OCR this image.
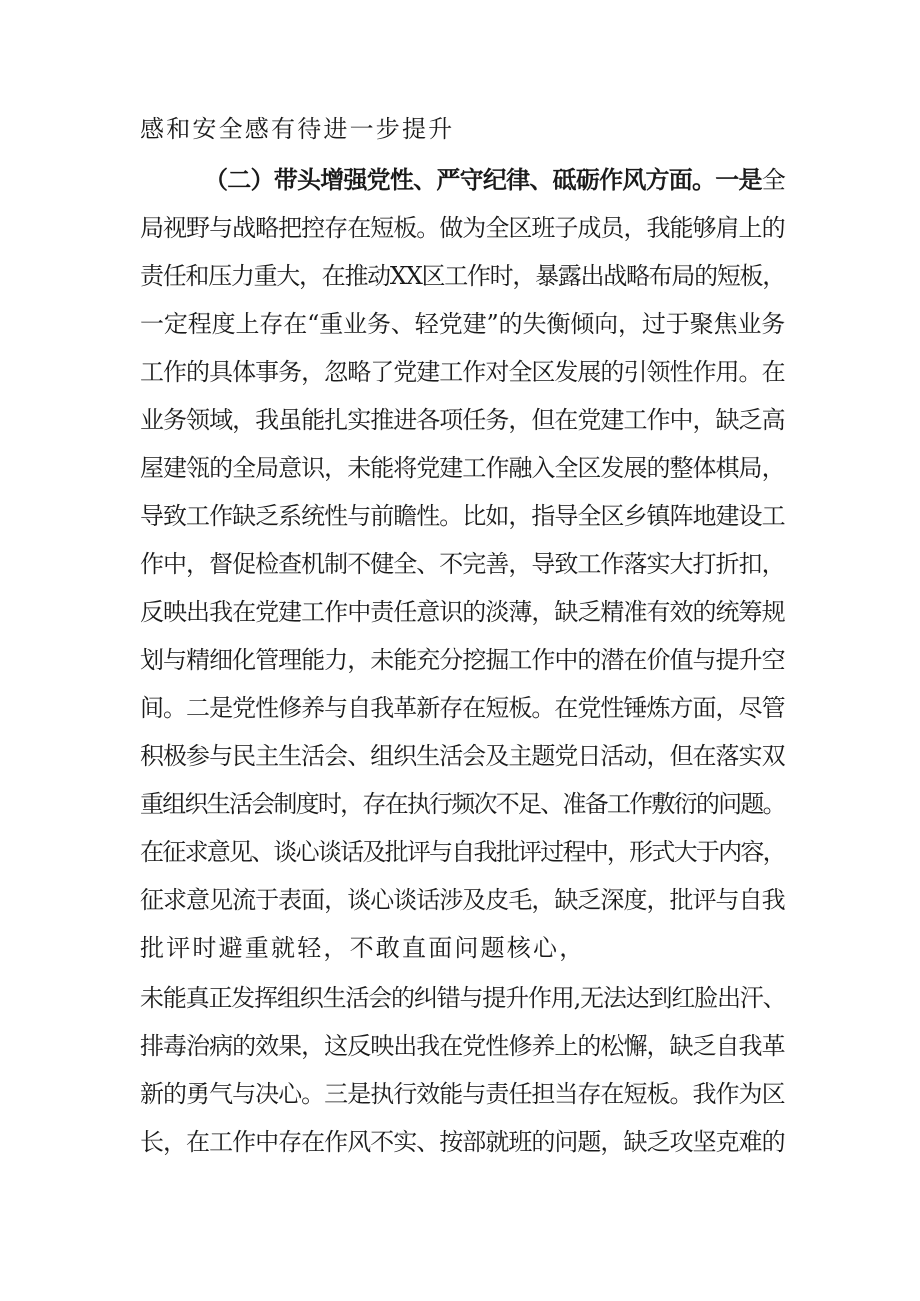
感和安全感有待进一步提升
（二）带头增强党性、严守纪律、砥砺作风方面。一是全
局视野与战略把控存在短板。做为全区班子成员，我能够肩上的
责任和压力重大，在推动XX区工作时，暴露出战略布局的短板，
一定程度上存在“重业务、轻党建”的失衡倾向，过于聚焦业务
工作的具体事务，忽略了党建工作对全区发展的引领性作用。在
业务领域，我虽能扎实推进各项任务，但在党建工作中，缺乏高
屋建瓴的全局意识，未能将党建工作融入全区发展的整体棋局，
导致工作缺乏系统性与前瞻性。比如，指导全区乡镇阵地建设工
作中，督促检查机制不健全、不完善，导致工作落实大打折扣，
反映出我在党建工作中责任意识的淡薄，缺乏精准有效的统筹规
划与精细化管理能力，未能充分挖掘工作中的潜在价值与提升空
间。二是党性修养与自我革新存在短板。在党性锤炼方面，尽管
积极参与民主生活会、组织生活会及主题党日活动，但在落实双
重组织生活会制度时，存在执行频次不足、准备工作敷衍的问题。
在征求意见、谈心谈话及批评与自我批评过程中，形式大于内容，
征求意见流于表面，谈心谈话涉及皮毛，缺乏深度，批评与自我
批评时避重就轻，不敢直面问题核心，
未能真正发挥组织生活会的纠错与提升作用,无法达到红脸出汗、
排毒治病的效果，这反映出我在党性修养上的松懈，缺乏自我革
新的勇气与决心。三是执行效能与责任担当存在短板。我作为区
长，在工作中存在作风不实、按部就班的问题，缺乏攻坚克难的
